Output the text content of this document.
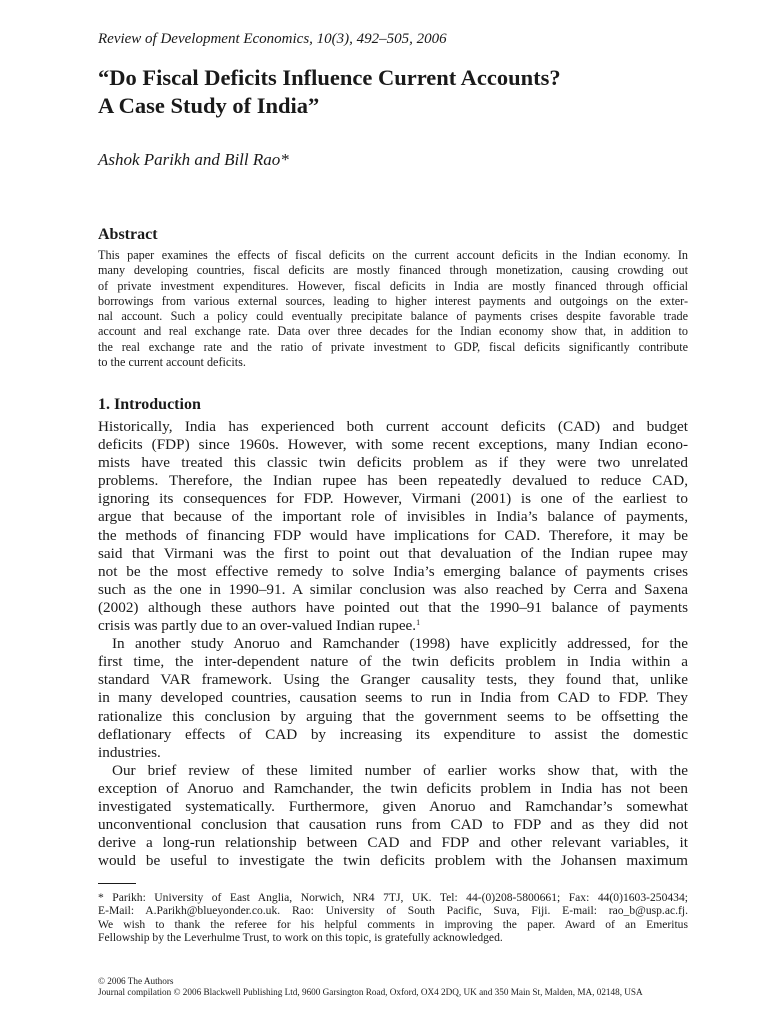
Review of Development Economics, 10(3), 492–505, 2006
“Do Fiscal Deficits Influence Current Accounts?
A Case Study of India”
Ashok Parikh and Bill Rao*
Abstract
This paper examines the effects of fiscal deficits on the current account deficits in the Indian economy. In
many developing countries, fiscal deficits are mostly financed through monetization, causing crowding out
of private investment expenditures. However, fiscal deficits in India are mostly financed through official
borrowings from various external sources, leading to higher interest payments and outgoings on the exter-
nal account. Such a policy could eventually precipitate balance of payments crises despite favorable trade
account and real exchange rate. Data over three decades for the Indian economy show that, in addition to
the real exchange rate and the ratio of private investment to GDP, fiscal deficits significantly contribute
to the current account deficits.
1. Introduction
Historically, India has experienced both current account deficits (CAD) and budget
deficits (FDP) since 1960s. However, with some recent exceptions, many Indian econo-
mists have treated this classic twin deficits problem as if they were two unrelated
problems. Therefore, the Indian rupee has been repeatedly devalued to reduce CAD,
ignoring its consequences for FDP. However, Virmani (2001) is one of the earliest to
argue that because of the important role of invisibles in India’s balance of payments,
the methods of financing FDP would have implications for CAD. Therefore, it may be
said that Virmani was the first to point out that devaluation of the Indian rupee may
not be the most effective remedy to solve India’s emerging balance of payments crises
such as the one in 1990–91. A similar conclusion was also reached by Cerra and Saxena
(2002) although these authors have pointed out that the 1990–91 balance of payments
crisis was partly due to an over-valued Indian rupee.$^1$
In another study Anoruo and Ramchander (1998) have explicitly addressed, for the
first time, the inter-dependent nature of the twin deficits problem in India within a
standard VAR framework. Using the Granger causality tests, they found that, unlike
in many developed countries, causation seems to run in India from CAD to FDP. They
rationalize this conclusion by arguing that the government seems to be offsetting the
deflationary effects of CAD by increasing its expenditure to assist the domestic
industries.
Our brief review of these limited number of earlier works show that, with the
exception of Anoruo and Ramchander, the twin deficits problem in India has not been
investigated systematically. Furthermore, given Anoruo and Ramchandar’s somewhat
unconventional conclusion that causation runs from CAD to FDP and as they did not
derive a long-run relationship between CAD and FDP and other relevant variables, it
would be useful to investigate the twin deficits problem with the Johansen maximum
* Parikh: University of East Anglia, Norwich, NR4 7TJ, UK. Tel: 44-(0)208-5800661; Fax: 44(0)1603-250434;
E-Mail: A.Parikh@blueyonder.co.uk. Rao: University of South Pacific, Suva, Fiji. E-mail: rao_b@usp.ac.fj.
We wish to thank the referee for his helpful comments in improving the paper. Award of an Emeritus
Fellowship by the Leverhulme Trust, to work on this topic, is gratefully acknowledged.
© 2006 The Authors
Journal compilation © 2006 Blackwell Publishing Ltd, 9600 Garsington Road, Oxford, OX4 2DQ, UK and 350 Main St, Malden, MA, 02148, USA
